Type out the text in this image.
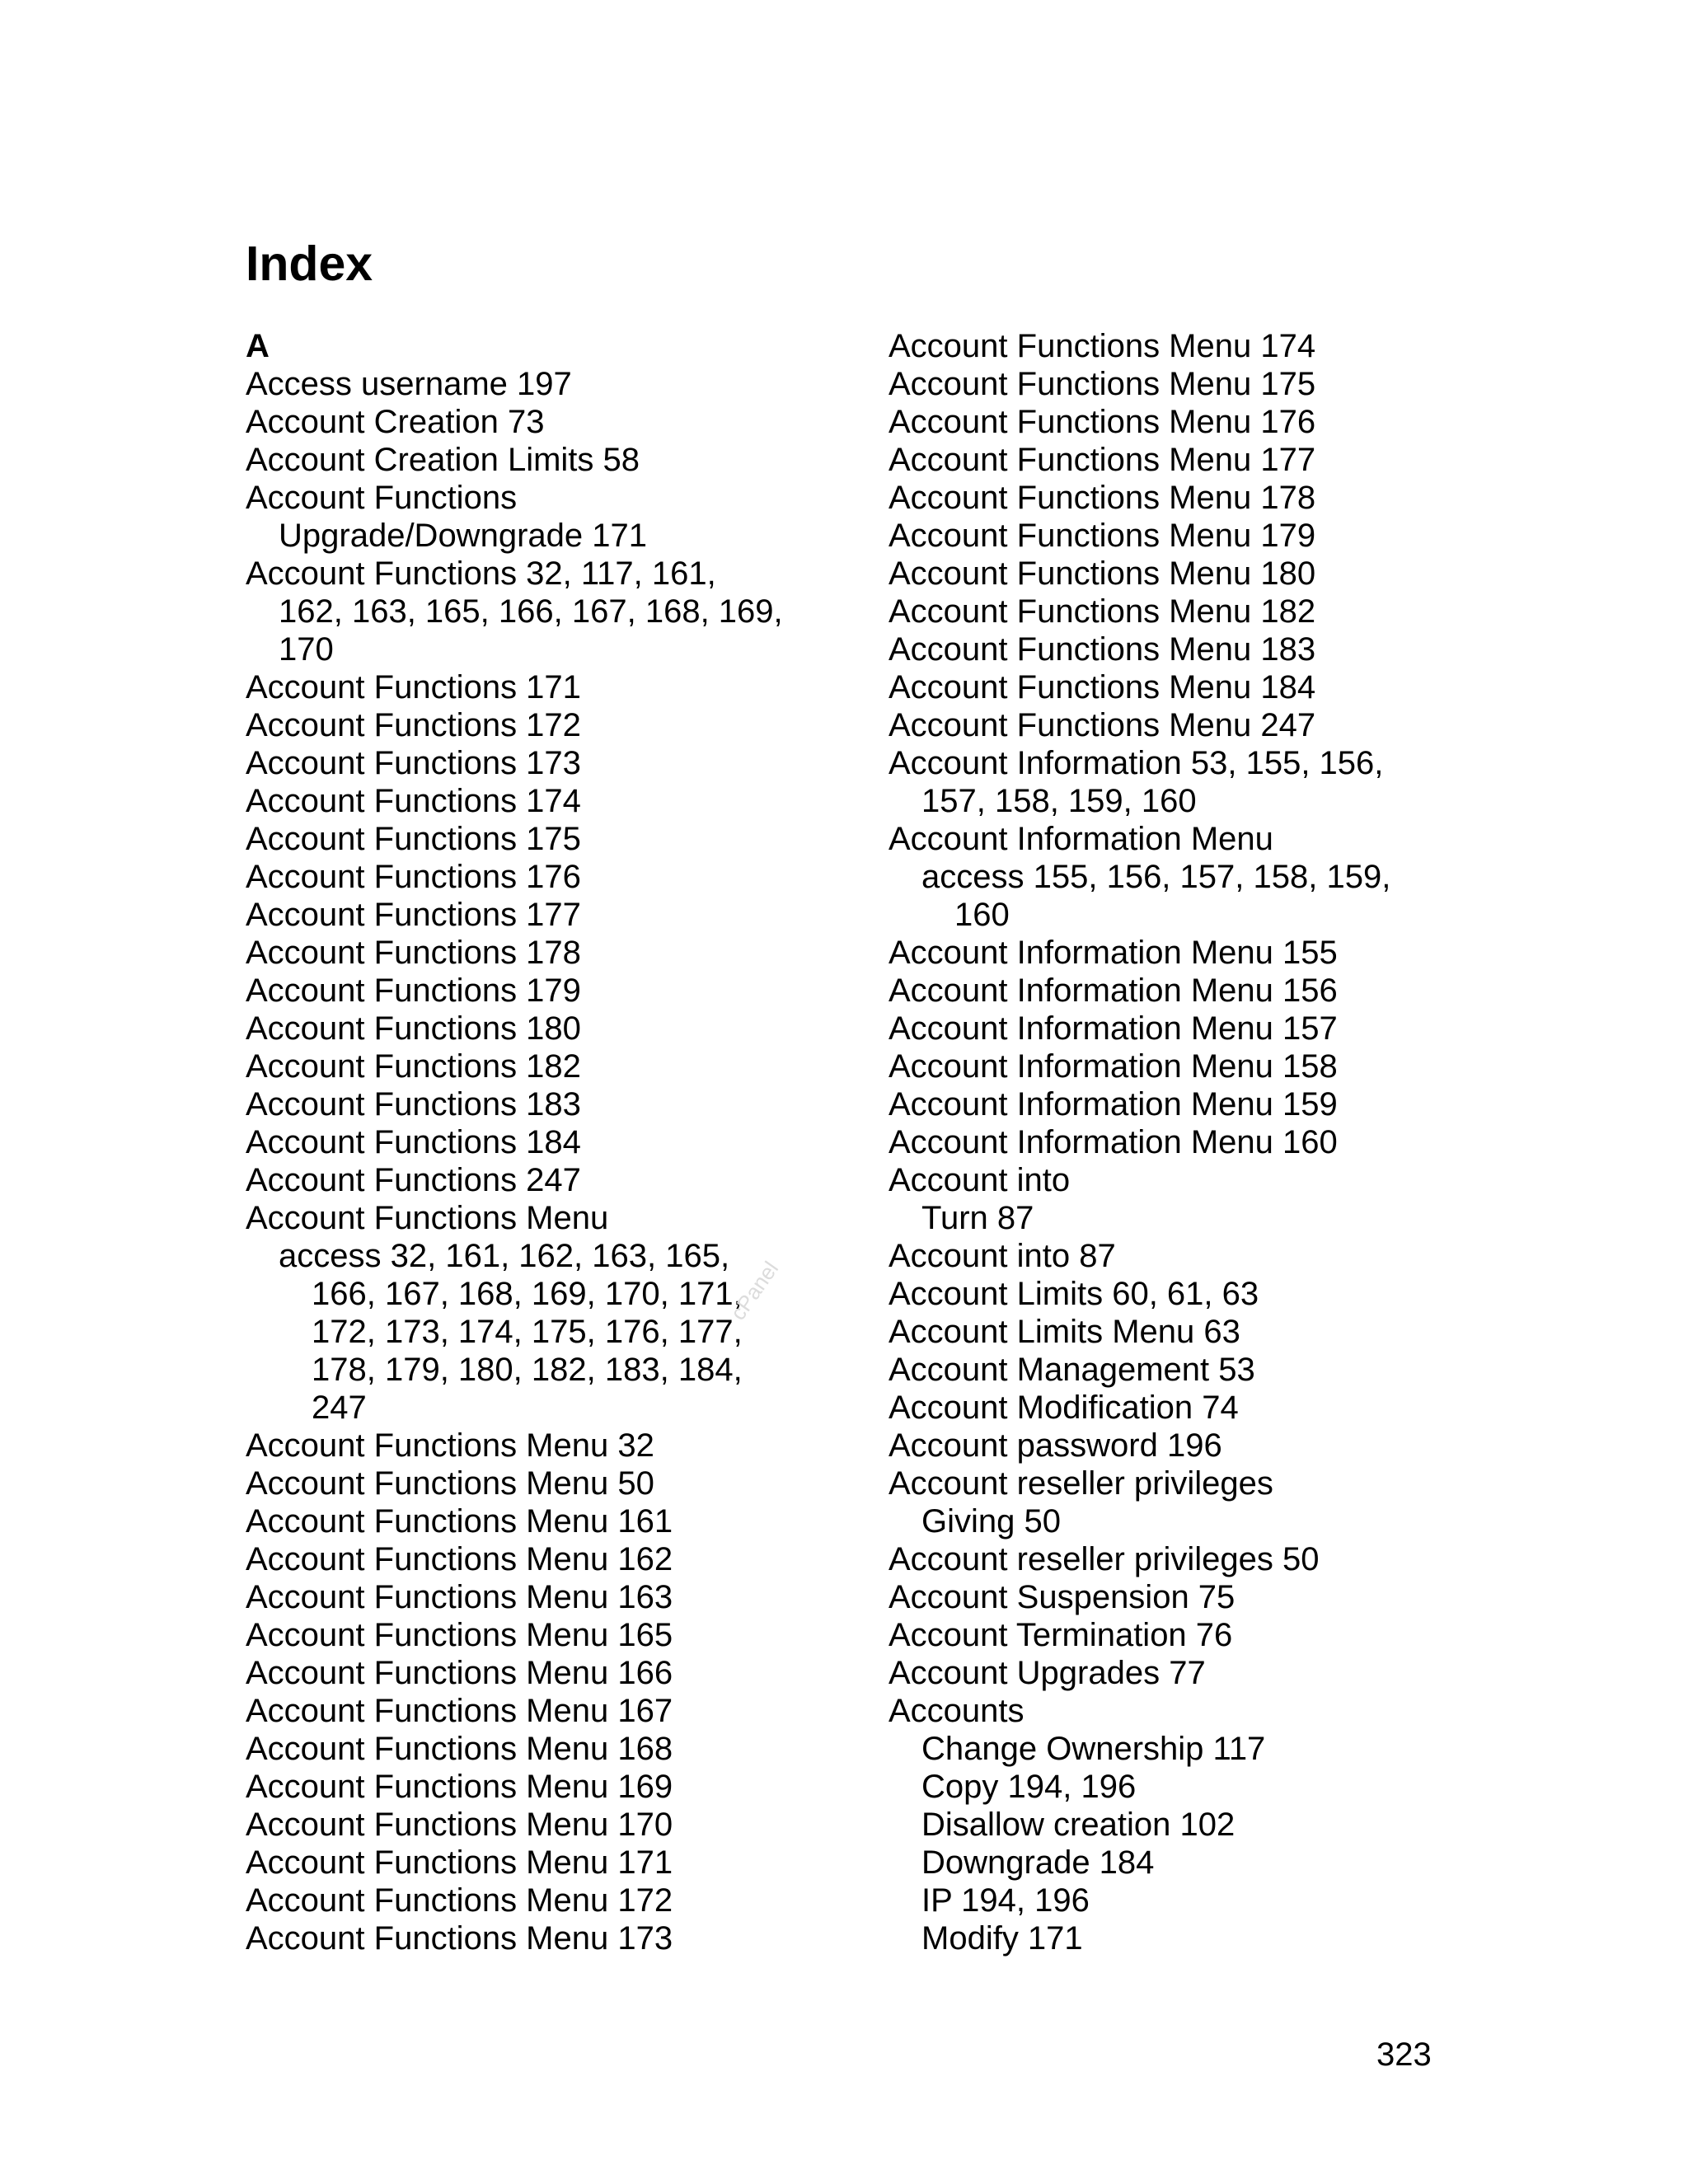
Index
A
Access username 197
Account Creation 73
Account Creation Limits 58
Account Functions
Upgrade/Downgrade 171
Account Functions 32, 117, 161,
162, 163, 165, 166, 167, 168, 169,
170
Account Functions 171
Account Functions 172
Account Functions 173
Account Functions 174
Account Functions 175
Account Functions 176
Account Functions 177
Account Functions 178
Account Functions 179
Account Functions 180
Account Functions 182
Account Functions 183
Account Functions 184
Account Functions 247
Account Functions Menu
access 32, 161, 162, 163, 165,
166, 167, 168, 169, 170, 171,
172, 173, 174, 175, 176, 177,
178, 179, 180, 182, 183, 184,
247
Account Functions Menu 32
Account Functions Menu 50
Account Functions Menu 161
Account Functions Menu 162
Account Functions Menu 163
Account Functions Menu 165
Account Functions Menu 166
Account Functions Menu 167
Account Functions Menu 168
Account Functions Menu 169
Account Functions Menu 170
Account Functions Menu 171
Account Functions Menu 172
Account Functions Menu 173
Account Functions Menu 174
Account Functions Menu 175
Account Functions Menu 176
Account Functions Menu 177
Account Functions Menu 178
Account Functions Menu 179
Account Functions Menu 180
Account Functions Menu 182
Account Functions Menu 183
Account Functions Menu 184
Account Functions Menu 247
Account Information 53, 155, 156,
157, 158, 159, 160
Account Information Menu
access 155, 156, 157, 158, 159,
160
Account Information Menu 155
Account Information Menu 156
Account Information Menu 157
Account Information Menu 158
Account Information Menu 159
Account Information Menu 160
Account into
Turn 87
Account into 87
Account Limits 60, 61, 63
Account Limits Menu 63
Account Management 53
Account Modification 74
Account password 196
Account reseller privileges
Giving 50
Account reseller privileges 50
Account Suspension 75
Account Termination 76
Account Upgrades 77
Accounts
Change Ownership 117
Copy 194, 196
Disallow creation 102
Downgrade 184
IP 194, 196
Modify 171
cPanel
323
